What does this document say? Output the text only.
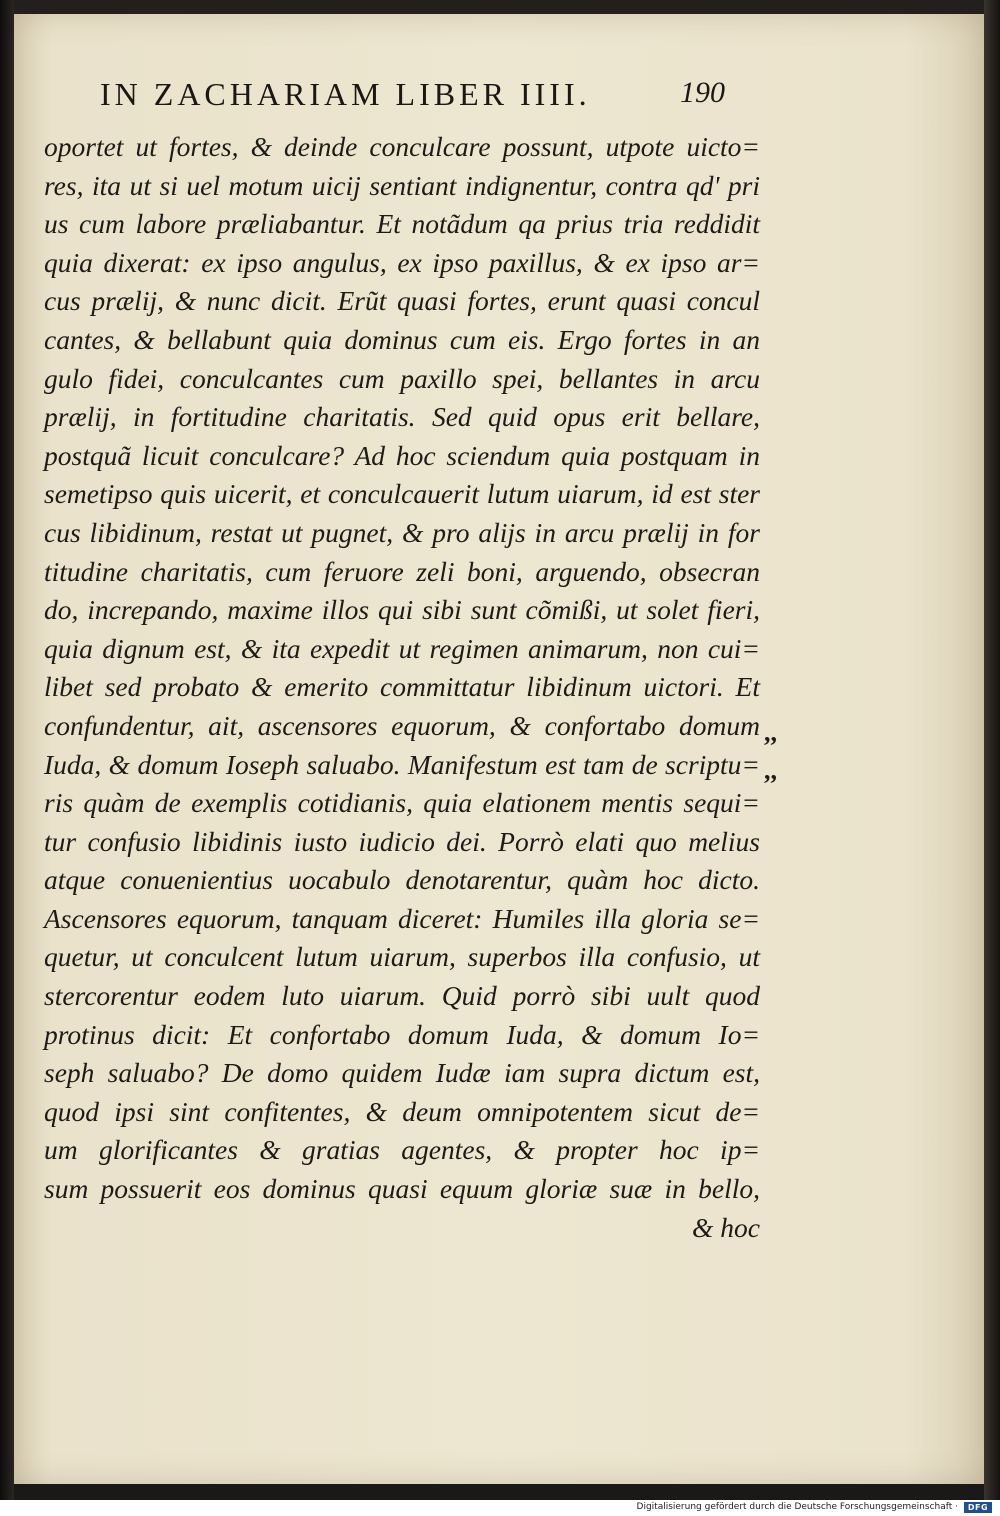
IN ZACHARIAM LIBER IIII.	190
oportet ut fortes, & deinde conculcare possunt, utpote uicto=
res, ita ut si uel motum uicij sentiant indignentur, contra qd' pri
us cum labore præliabantur. Et notãdum qa prius tria reddidit
quia dixerat: ex ipso angulus, ex ipso paxillus, & ex ipso ar=
cus prælij, & nunc dicit. Erũt quasi fortes, erunt quasi concul
cantes, & bellabunt quia dominus cum eis. Ergo fortes in an
gulo fidei, conculcantes cum paxillo spei, bellantes in arcu
prælij, in fortitudine charitatis. Sed quid opus erit bellare,
postquã licuit conculcare? Ad hoc sciendum quia postquam in
semetipso quis uicerit, et conculcauerit lutum uiarum, id est ster
cus libidinum, restat ut pugnet, & pro alijs in arcu prælij in for
titudine charitatis, cum feruore zeli boni, arguendo, obsecran
do, increpando, maxime illos qui sibi sunt cõmißi, ut solet fieri,
quia dignum est, & ita expedit ut regimen animarum, non cui=
libet sed probato & emerito committatur libidinum uictori. Et
confundentur, ait, ascensores equorum, & confortabo domum
Iuda, & domum Ioseph saluabo. Manifestum est tam de scriptu=
ris quàm de exemplis cotidianis, quia elationem mentis sequi=
tur confusio libidinis iusto iudicio dei. Porrò elati quo melius
atque conuenientius uocabulo denotarentur, quàm hoc dicto.
Ascensores equorum, tanquam diceret: Humiles illa gloria se=
quetur, ut conculcent lutum uiarum, superbos illa confusio, ut
stercorentur eodem luto uiarum. Quid porrò sibi uult quod
protinus dicit: Et confortabo domum Iuda, & domum Io=
seph saluabo? De domo quidem Iudæ iam supra dictum est,
quod ipsi sint confitentes, & deum omnipotentem sicut de=
um glorificantes & gratias agentes, & propter hoc ip=
sum possuerit eos dominus quasi equum gloriæ suæ in bello,
& hoc
,,
,,
Digitalisierung gefördert durch die Deutsche Forschungsgemeinschaft ·	DFG
